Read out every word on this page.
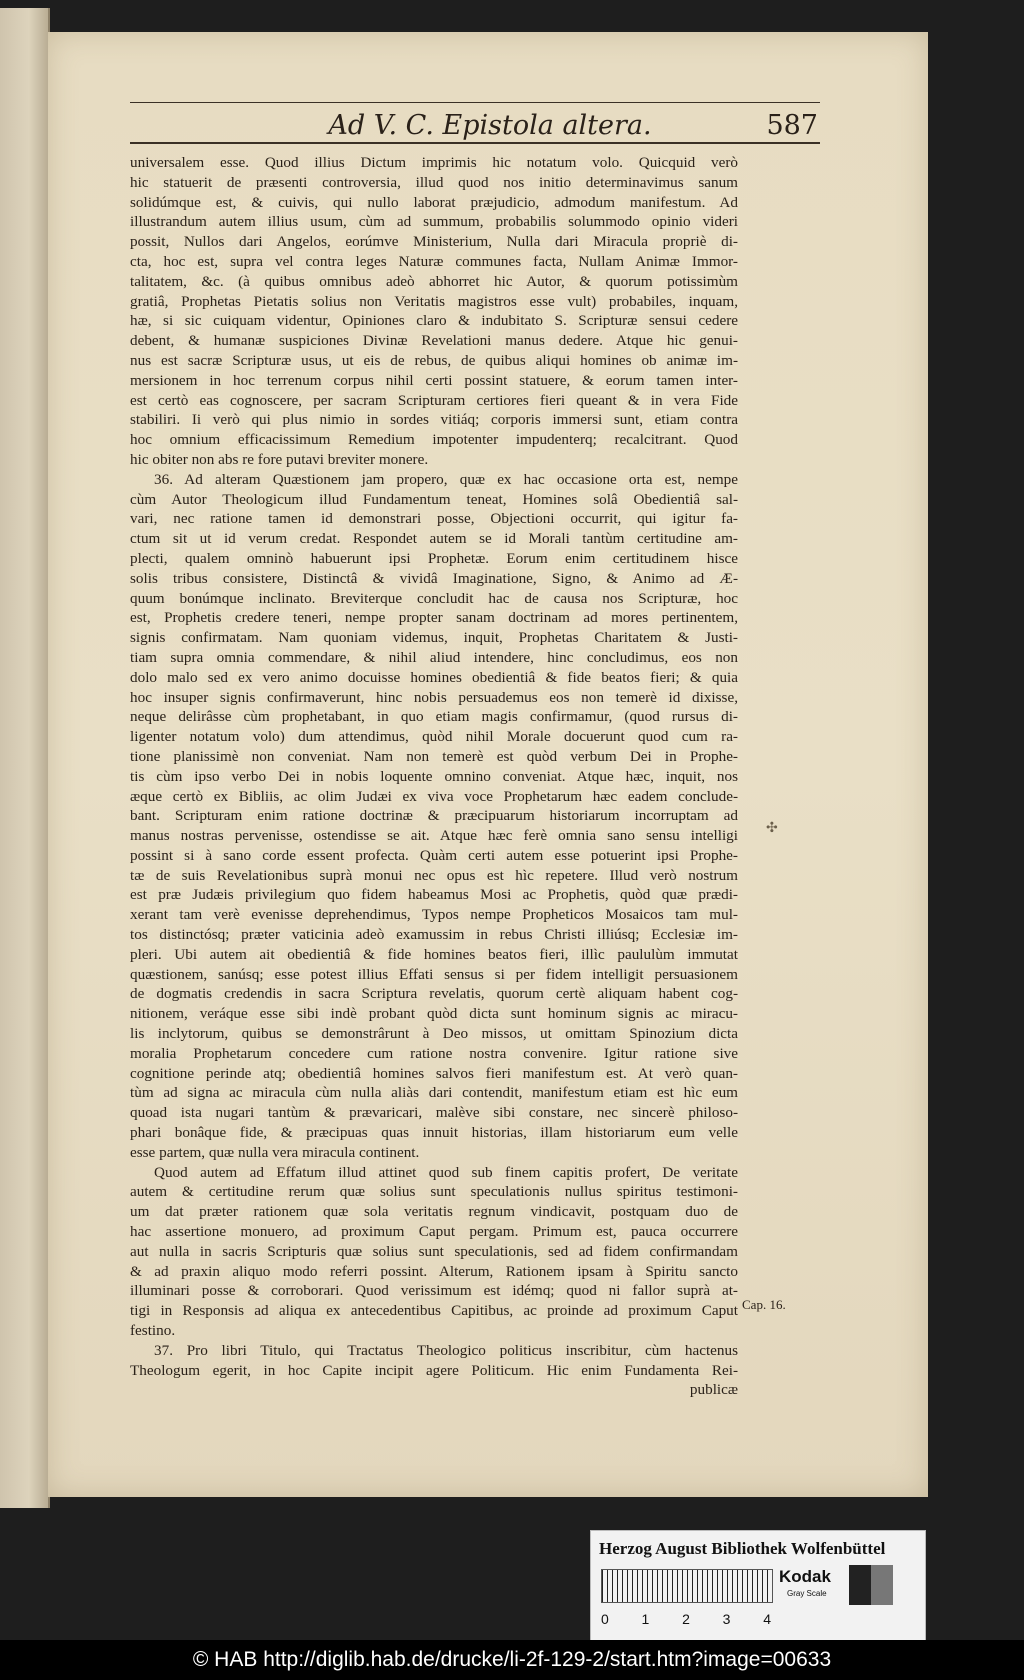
Ad V. C. Epistola altera.	587
universalem esse. Quod illius Dictum imprimis hic notatum volo. Quicquid verò
hic statuerit de præsenti controversia, illud quod nos initio determinavimus sanum
solidúmque est, & cuivis, qui nullo laborat præjudicio, admodum manifestum. Ad
illustrandum autem illius usum, cùm ad summum, probabilis solummodo opinio videri
possit, Nullos dari Angelos, eorúmve Ministerium, Nulla dari Miracula propriè di-
cta, hoc est, supra vel contra leges Naturæ communes facta, Nullam Animæ Immor-
talitatem, &c. (à quibus omnibus adeò abhorret hic Autor, & quorum potissimùm
gratiâ, Prophetas Pietatis solius non Veritatis magistros esse vult) probabiles, inquam,
hæ, si sic cuiquam videntur, Opiniones claro & indubitato S. Scripturæ sensui cedere
debent, & humanæ suspiciones Divinæ Revelationi manus dedere. Atque hic genui-
nus est sacræ Scripturæ usus, ut eis de rebus, de quibus aliqui homines ob animæ im-
mersionem in hoc terrenum corpus nihil certi possint statuere, & eorum tamen inter-
est certò eas cognoscere, per sacram Scripturam certiores fieri queant & in vera Fide
stabiliri. Ii verò qui plus nimio in sordes vitiáq; corporis immersi sunt, etiam contra
hoc omnium efficacissimum Remedium impotenter impudenterq; recalcitrant. Quod
hic obiter non abs re fore putavi breviter monere.
36. Ad alteram Quæstionem jam propero, quæ ex hac occasione orta est, nempe
cùm Autor Theologicum illud Fundamentum teneat, Homines solâ Obedientiâ sal-
vari, nec ratione tamen id demonstrari posse, Objectioni occurrit, qui igitur fa-
ctum sit ut id verum credat. Respondet autem se id Morali tantùm certitudine am-
plecti, qualem omninò habuerunt ipsi Prophetæ. Eorum enim certitudinem hisce
solis tribus consistere, Distinctâ & vividâ Imaginatione, Signo, & Animo ad Æ-
quum bonúmque inclinato. Breviterque concludit hac de causa nos Scripturæ, hoc
est, Prophetis credere teneri, nempe propter sanam doctrinam ad mores pertinentem,
signis confirmatam. Nam quoniam videmus, inquit, Prophetas Charitatem & Justi-
tiam supra omnia commendare, & nihil aliud intendere, hinc concludimus, eos non
dolo malo sed ex vero animo docuisse homines obedientiâ & fide beatos fieri; & quia
hoc insuper signis confirmaverunt, hinc nobis persuademus eos non temerè id dixisse,
neque delirâsse cùm prophetabant, in quo etiam magis confirmamur, (quod rursus di-
ligenter notatum volo) dum attendimus, quòd nihil Morale docuerunt quod cum ra-
tione planissimè non conveniat. Nam non temerè est quòd verbum Dei in Prophe-
tis cùm ipso verbo Dei in nobis loquente omnino conveniat. Atque hæc, inquit, nos
æque certò ex Bibliis, ac olim Judæi ex viva voce Prophetarum hæc eadem conclude-
bant. Scripturam enim ratione doctrinæ & præcipuarum historiarum incorruptam ad
manus nostras pervenisse, ostendisse se ait. Atque hæc ferè omnia sano sensu intelligi
possint si à sano corde essent profecta. Quàm certi autem esse potuerint ipsi Prophe-
tæ de suis Revelationibus suprà monui nec opus est hìc repetere. Illud verò nostrum
est præ Judæis privilegium quo fidem habeamus Mosi ac Prophetis, quòd quæ prædi-
xerant tam verè evenisse deprehendimus, Typos nempe Propheticos Mosaicos tam mul-
tos distinctósq; præter vaticinia adeò examussim in rebus Christi illiúsq; Ecclesiæ im-
pleri. Ubi autem ait obedientiâ & fide homines beatos fieri, illìc paululùm immutat
quæstionem, sanúsq; esse potest illius Effati sensus si per fidem intelligit persuasionem
de dogmatis credendis in sacra Scriptura revelatis, quorum certè aliquam habent cog-
nitionem, veráque esse sibi indè probant quòd dicta sunt hominum signis ac miracu-
lis inclytorum, quibus se demonstrârunt à Deo missos, ut omittam Spinozium dicta
moralia Prophetarum concedere cum ratione nostra convenire. Igitur ratione sive
cognitione perinde atq; obedientiâ homines salvos fieri manifestum est. At verò quan-
tùm ad signa ac miracula cùm nulla aliàs dari contendit, manifestum etiam est hìc eum
quoad ista nugari tantùm & prævaricari, malève sibi constare, nec sincerè philoso-
phari bonâque fide, & præcipuas quas innuit historias, illam historiarum eum velle
esse partem, quæ nulla vera miracula continent.
Quod autem ad Effatum illud attinet quod sub finem capitis profert, De veritate
autem & certitudine rerum quæ solius sunt speculationis nullus spiritus testimoni-
um dat præter rationem quæ sola veritatis regnum vindicavit, postquam duo de
hac assertione monuero, ad proximum Caput pergam. Primum est, pauca occurrere
aut nulla in sacris Scripturis quæ solius sunt speculationis, sed ad fidem confirmandam
& ad praxin aliquo modo referri possint. Alterum, Rationem ipsam à Spiritu sancto
illuminari posse & corroborari. Quod verissimum est idémq; quod ni fallor suprà at-
tigi in Responsis ad aliqua ex antecedentibus Capitibus, ac proinde ad proximum Caput
festino.
37. Pro libri Titulo, qui Tractatus Theologico politicus inscribitur, cùm hactenus
Theologum egerit, in hoc Capite incipit agere Politicum. Hic enim Fundamenta Rei-
publicæ
✣
Cap. 16.
Herzog August Bibliothek Wolfenbüttel
0 1 2 3 4
Kodak
Gray Scale
© HAB http://diglib.hab.de/drucke/li-2f-129-2/start.htm?image=00633
